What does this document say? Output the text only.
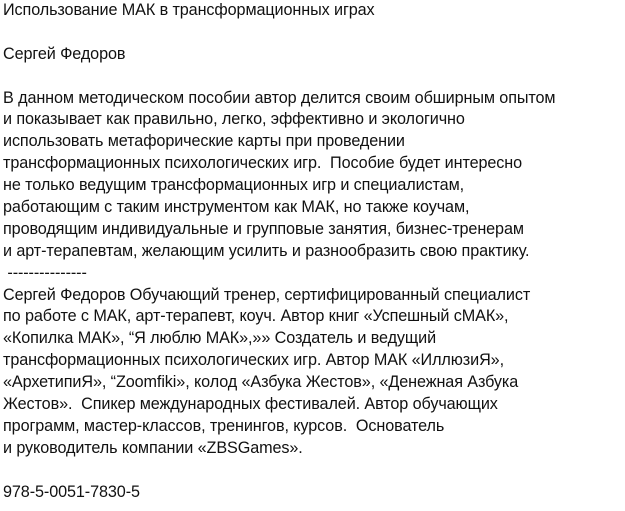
Использование МАК в трансформационных играх
Сергей Федоров
В данном методическом пособии автор делится своим обширным опытом
и показывает как правильно, легко, эффективно и экологично
использовать метафорические карты при проведении
трансформационных психологических игр.  Пособие будет интересно
не только ведущим трансформационных игр и специалистам,
работающим с таким инструментом как МАК, но также коучам,
проводящим индивидуальные и групповые занятия, бизнес-тренерам
и арт-терапевтам, желающим усилить и разнообразить свою практику.
---------------
Сергей Федоров Обучающий тренер, сертифицированный специалист
по работе с МАК, арт-терапевт, коуч. Автор книг «Успешный сМАК»,
«Копилка МАК», “Я люблю МАК»,»» Создатель и ведущий
трансформационных психологических игр. Автор МАК «ИллюзиЯ»,
«АрхетипиЯ», “Zoomfiki», колод «Азбука Жестов», «Денежная Азбука
Жестов».  Спикер международных фестивалей. Автор обучающих
программ, мастер-классов, тренингов, курсов.  Основатель
и руководитель компании «ZBSGames».
978-5-0051-7830-5
